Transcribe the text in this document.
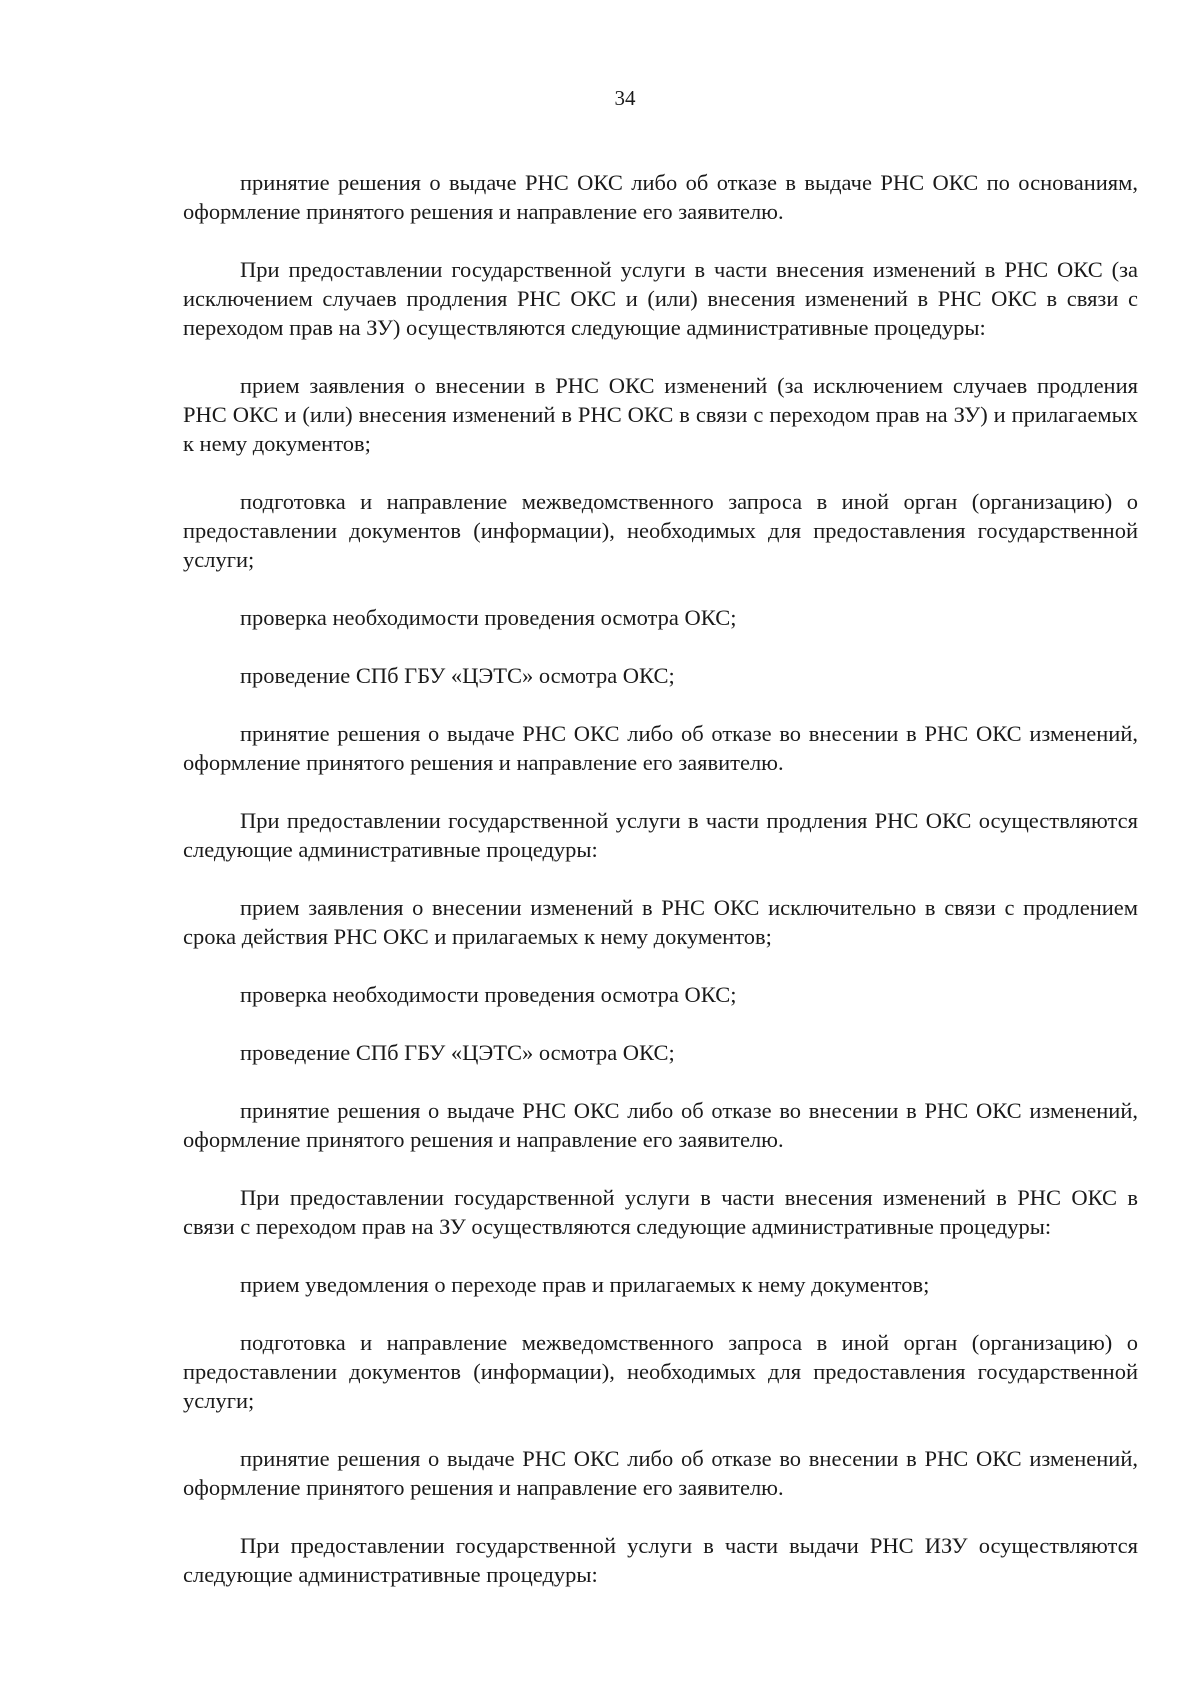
34

принятие решения о выдаче РНС ОКС либо об отказе в выдаче РНС ОКС по основаниям, оформление принятого решения и направление его заявителю.

При предоставлении государственной услуги в части внесения изменений в РНС ОКС (за исключением случаев продления РНС ОКС и (или) внесения изменений в РНС ОКС в связи с переходом прав на ЗУ) осуществляются следующие административные процедуры:

прием заявления о внесении в РНС ОКС изменений (за исключением случаев продления РНС ОКС и (или) внесения изменений в РНС ОКС в связи с переходом прав на ЗУ) и прилагаемых к нему документов;

подготовка и направление межведомственного запроса в иной орган (организацию) о предоставлении документов (информации), необходимых для предоставления государственной услуги;

проверка необходимости проведения осмотра ОКС;

проведение СПб ГБУ «ЦЭТС» осмотра ОКС;

принятие решения о выдаче РНС ОКС либо об отказе во внесении в РНС ОКС изменений, оформление принятого решения и направление его заявителю.

При предоставлении государственной услуги в части продления РНС ОКС осуществляются следующие административные процедуры:

прием заявления о внесении изменений в РНС ОКС исключительно в связи с продлением срока действия РНС ОКС и прилагаемых к нему документов;

проверка необходимости проведения осмотра ОКС;

проведение СПб ГБУ «ЦЭТС» осмотра ОКС;

принятие решения о выдаче РНС ОКС либо об отказе во внесении в РНС ОКС изменений, оформление принятого решения и направление его заявителю.

При предоставлении государственной услуги в части внесения изменений в РНС ОКС в связи с переходом прав на ЗУ осуществляются следующие административные процедуры:

прием уведомления о переходе прав и прилагаемых к нему документов;

подготовка и направление межведомственного запроса в иной орган (организацию) о предоставлении документов (информации), необходимых для предоставления государственной услуги;

принятие решения о выдаче РНС ОКС либо об отказе во внесении в РНС ОКС изменений, оформление принятого решения и направление его заявителю.

При предоставлении государственной услуги в части выдачи РНС ИЗУ осуществляются следующие административные процедуры:
